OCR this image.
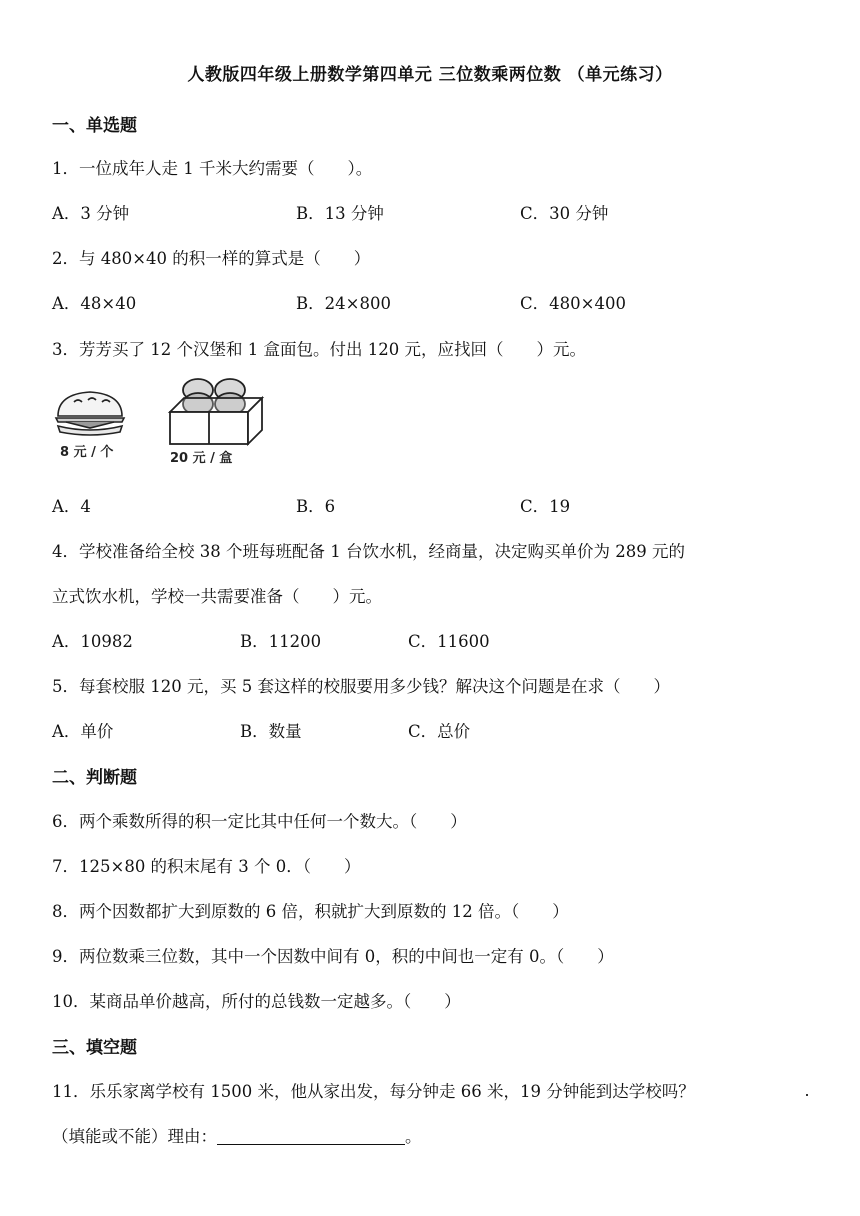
人教版四年级上册数学第四单元 三位数乘两位数 （单元练习）
一、单选题
1．一位成年人走 1 千米大约需要（　　）。
A．3 分钟	B．13 分钟	C．30 分钟
2．与 480×40 的积一样的算式是（　　）
A．48×40	B．24×800	C．480×400
3．芳芳买了 12 个汉堡和 1 盒面包。付出 120 元，应找回（　　）元。
8 元 / 个	20 元 / 盒
A．4	B．6	C．19
4．学校准备给全校 38 个班每班配备 1 台饮水机，经商量，决定购买单价为 289 元的
立式饮水机，学校一共需要准备（　　）元。
A．10982	B．11200	C．11600
5．每套校服 120 元，买 5 套这样的校服要用多少钱？解决这个问题是在求（　　）
A．单价	B．数量	C．总价
二、判断题
6．两个乘数所得的积一定比其中任何一个数大。（　　）
7．125×80 的积末尾有 3 个 0．（　　）
8．两个因数都扩大到原数的 6 倍，积就扩大到原数的 12 倍。（　　）
9．两位数乘三位数，其中一个因数中间有 0，积的中间也一定有 0。（　　）
10．某商品单价越高，所付的总钱数一定越多。（　　）
三、填空题
11．乐乐家离学校有 1500 米，他从家出发，每分钟走 66 米，19 分钟能到达学校吗？
（填能或不能）理由：	。
